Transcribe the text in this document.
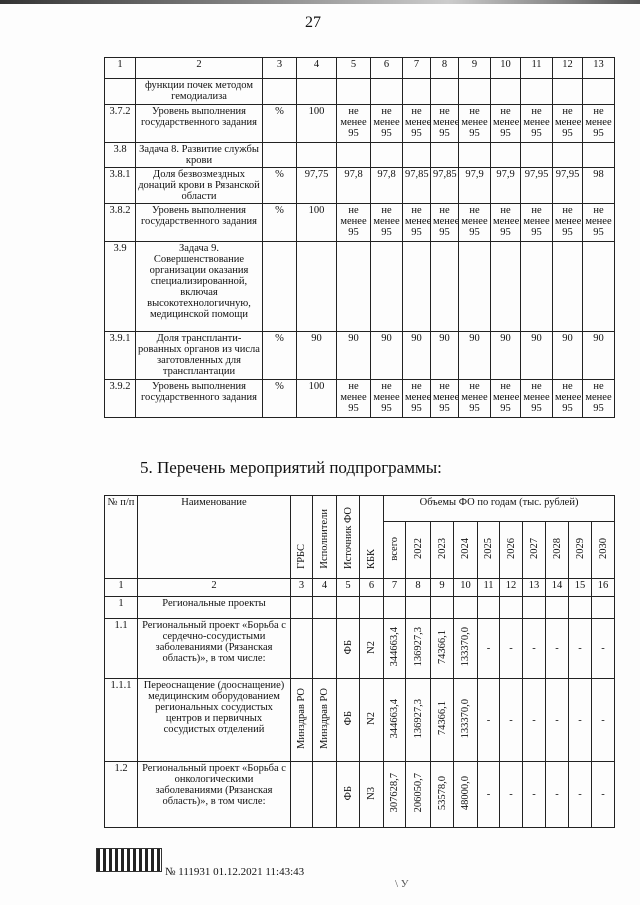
27
1	2	3	4	5	6	7	8	9	10	11	12	13
	функции почек методом гемодиализа											
3.7.2	Уровень выполнения государственного задания	%	100	не менее 95	не менее 95	не менее 95	не менее 95	не менее 95	не менее 95	не менее 95	не менее 95	не менее 95
3.8	Задача 8. Развитие службы крови											
3.8.1	Доля безвозмездных донаций крови в Рязанской области	%	97,75	97,8	97,8	97,85	97,85	97,9	97,9	97,95	97,95	98
3.8.2	Уровень выполнения государственного задания	%	100	не менее 95	не менее 95	не менее 95	не менее 95	не менее 95	не менее 95	не менее 95	не менее 95	не менее 95
3.9	Задача 9. Совершенствование организации оказания специализированной, включая высокотехнологичную, медицинской помощи											
3.9.1	Доля транспланти-рованных органов из числа заготовленных для трансплантации	%	90	90	90	90	90	90	90	90	90	90
3.9.2	Уровень выполнения государственного задания	%	100	не менее 95	не менее 95	не менее 95	не менее 95	не менее 95	не менее 95	не менее 95	не менее 95	не менее 95
5. Перечень мероприятий подпрограммы:
№ п/п	Наименование	ГРБС	Исполнители	Источник ФО	КБК	Объемы ФО по годам (тыс. рублей)									
						всего	2022	2023	2024	2025	2026	2027	2028	2029	2030
1	2	3	4	5	6	7	8	9	10	11	12	13	14	15	16
1	Региональные проекты														
1.1	Региональный проект «Борьба с сердечно-сосудистыми заболеваниями (Рязанская область)», в том числе:			ФБ	N2	344663,4	136927,3	74366,1	133370,0	-	-	-	-	-	-
1.1.1	Переоснащение (дооснащение) медицинским оборудованием региональных сосудистых центров и первичных сосудистых отделений	Минздрав РО	Минздрав РО	ФБ	N2	344663,4	136927,3	74366,1	133370,0	-	-	-	-	-	-
1.2	Региональный проект «Борьба с онкологическими заболеваниями (Рязанская область)», в том числе:			ФБ	N3	307628,7	206050,7	53578,0	48000,0	-	-	-	-	-	-
№ 111931 01.12.2021 11:43:43
\ У
